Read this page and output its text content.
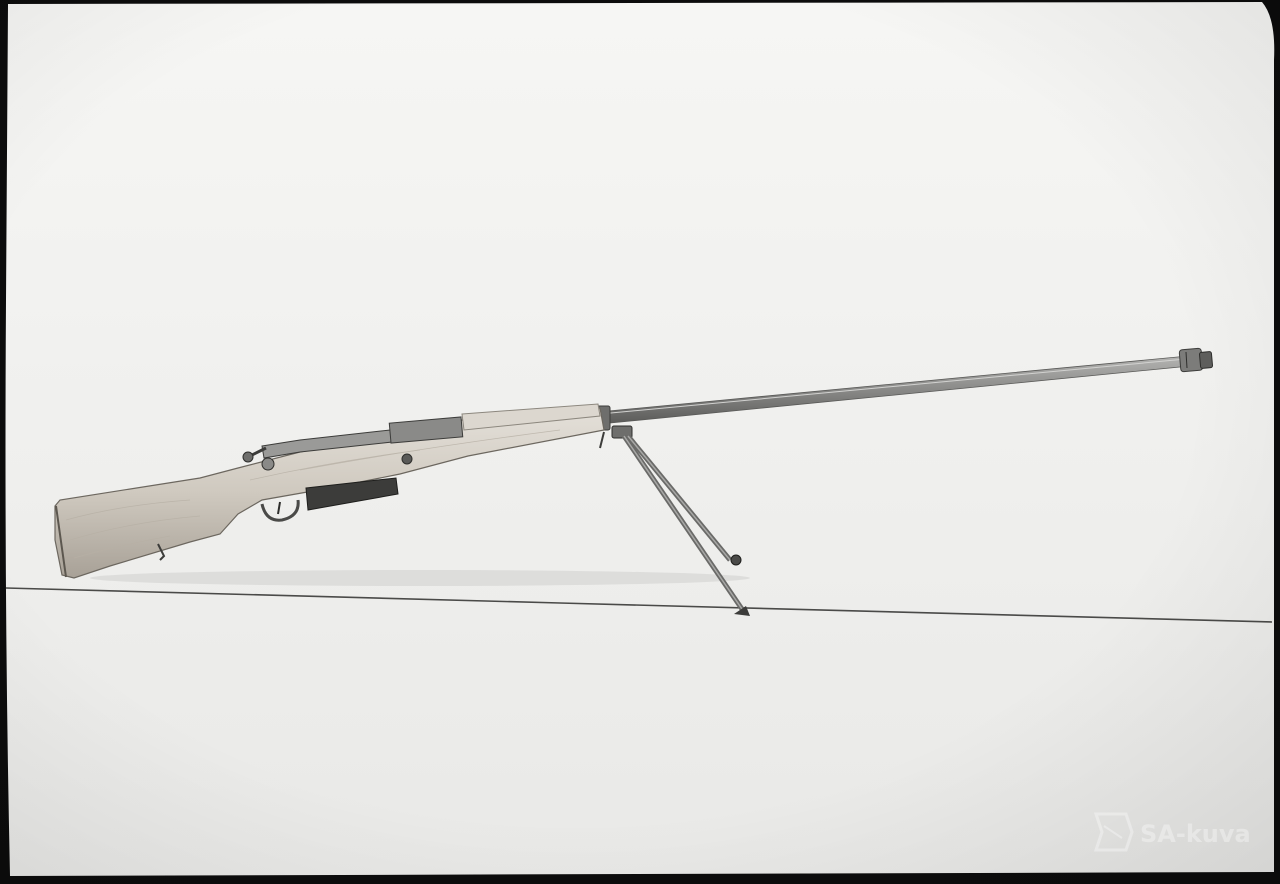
SA-kuva
